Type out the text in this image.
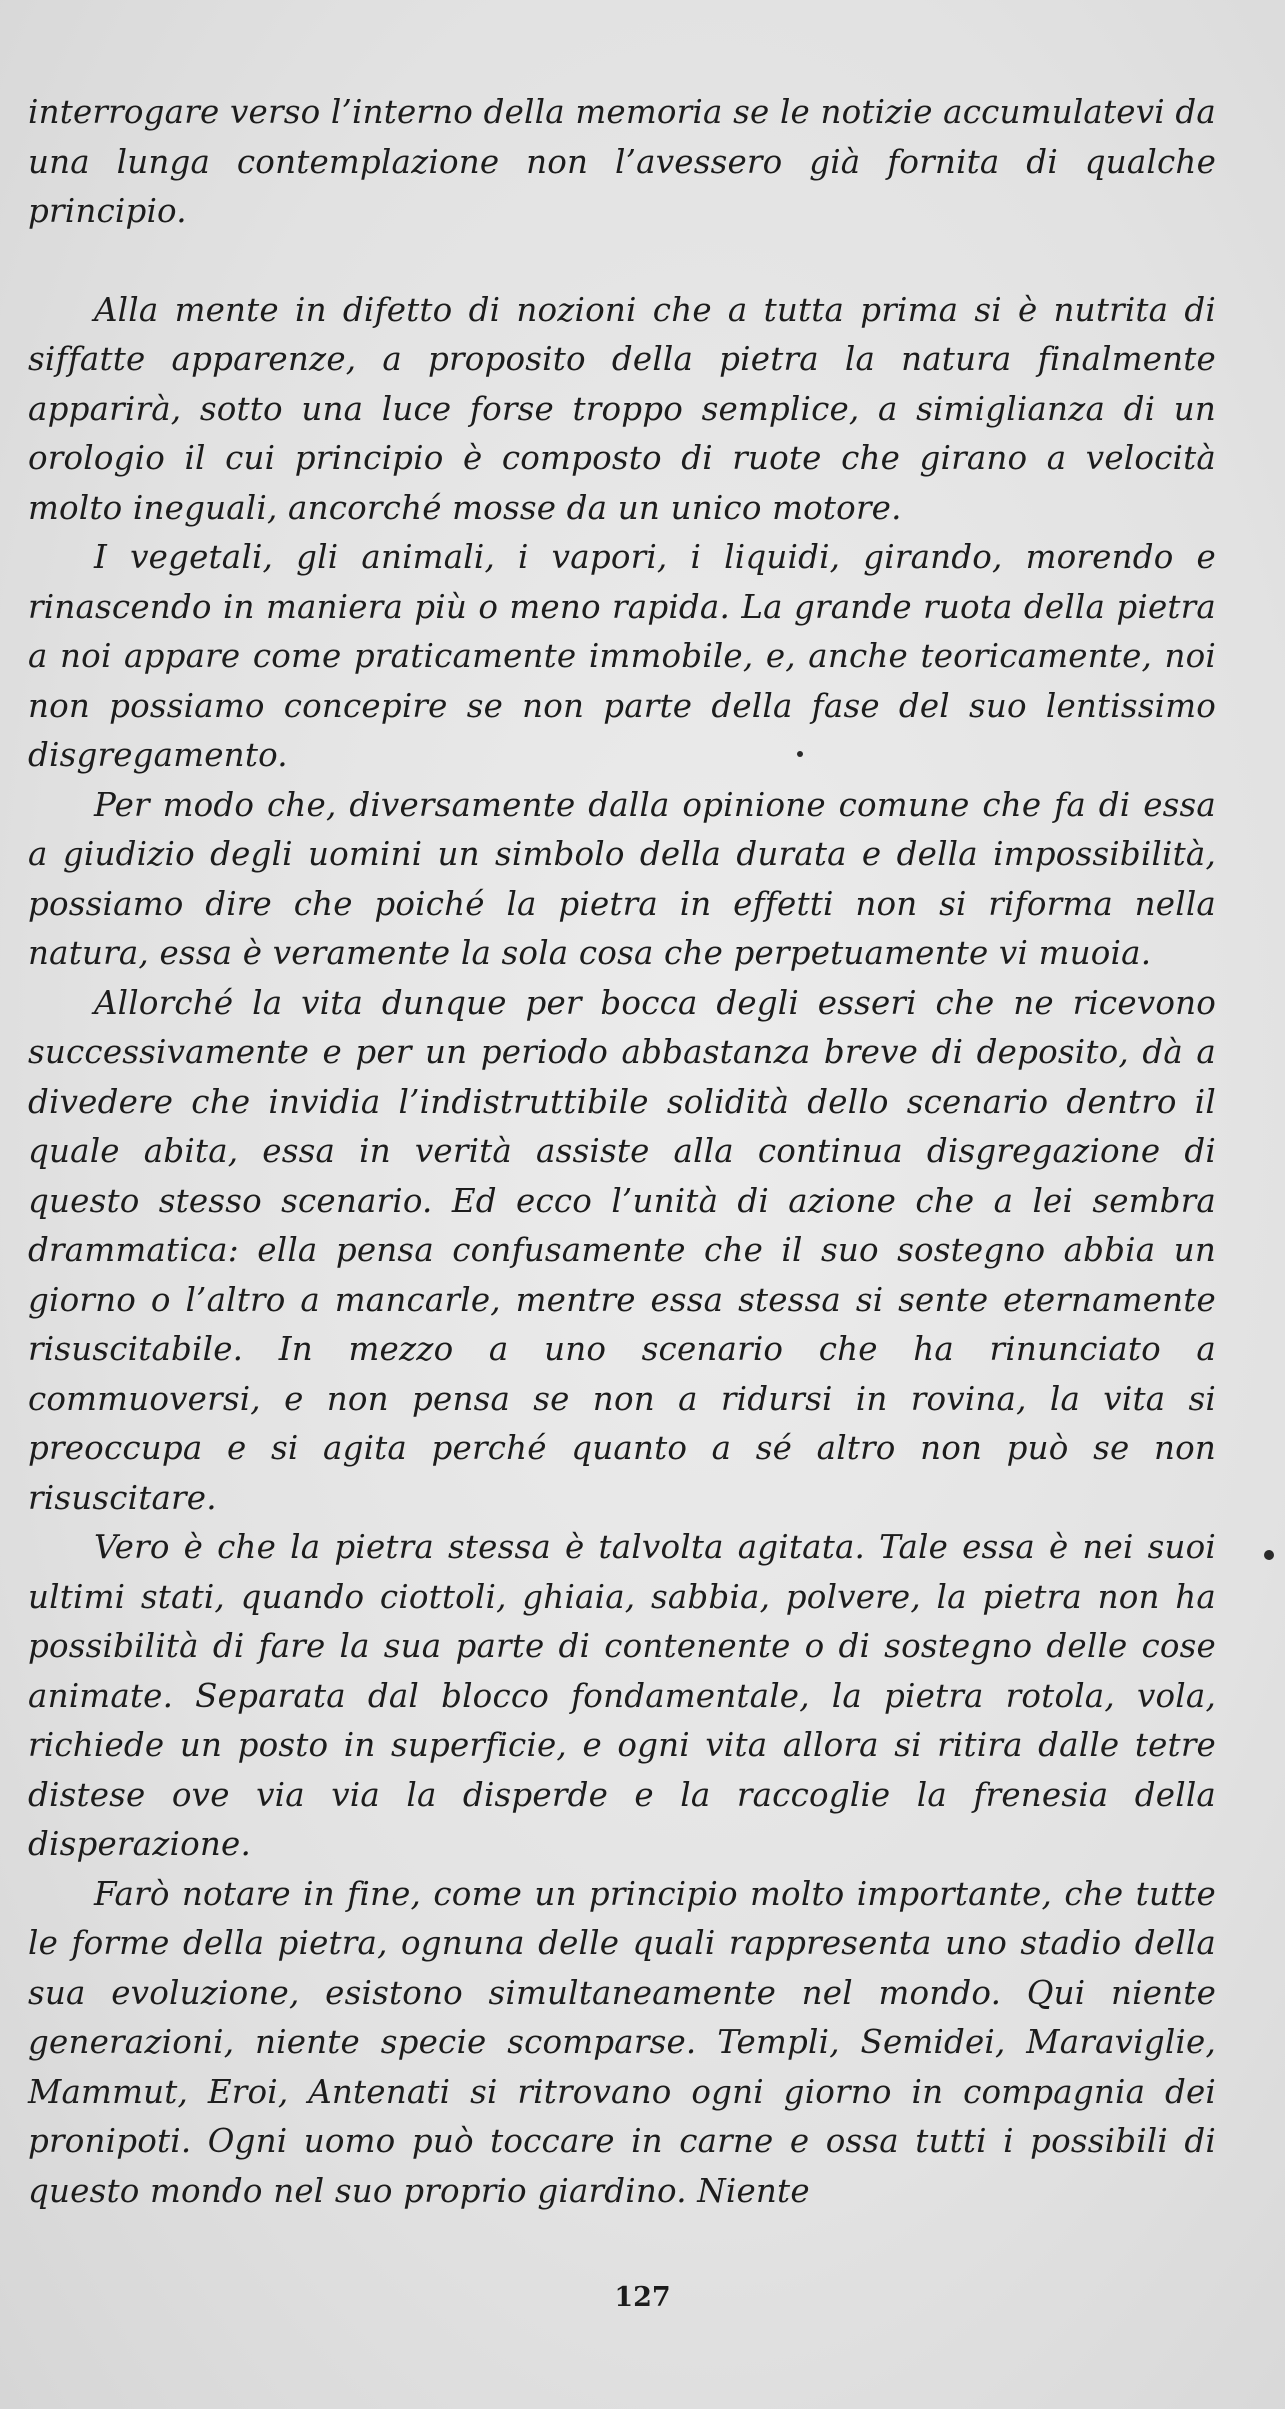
interrogare verso l’interno della memoria se le notizie accumulatevi da una lunga contemplazione non l’avessero già fornita di qualche principio.

Alla mente in difetto di nozioni che a tutta prima si è nutrita di siffatte apparenze, a proposito della pietra la natura finalmente apparirà, sotto una luce forse troppo semplice, a simiglianza di un orologio il cui principio è composto di ruote che girano a velocità molto ineguali, ancorché mosse da un unico motore.

I vegetali, gli animali, i vapori, i liquidi, girando, morendo e rinascendo in maniera più o meno rapida. La grande ruota della pietra a noi appare come praticamente immobile, e, anche teoricamente, noi non possiamo concepire se non parte della fase del suo lentissimo disgregamento.

Per modo che, diversamente dalla opinione comune che fa di essa a giudizio degli uomini un simbolo della durata e della impossibilità, possiamo dire che poiché la pietra in effetti non si riforma nella natura, essa è veramente la sola cosa che perpetuamente vi muoia.

Allorché la vita dunque per bocca degli esseri che ne ricevono successivamente e per un periodo abbastanza breve di deposito, dà a divedere che invidia l’indistruttibile solidità dello scenario dentro il quale abita, essa in verità assiste alla continua disgregazione di questo stesso scenario. Ed ecco l’unità di azione che a lei sembra drammatica: ella pensa confusamente che il suo sostegno abbia un giorno o l’altro a mancarle, mentre essa stessa si sente eternamente risuscitabile. In mezzo a uno scenario che ha rinunciato a commuoversi, e non pensa se non a ridursi in rovina, la vita si preoccupa e si agita perché quanto a sé altro non può se non risuscitare.

Vero è che la pietra stessa è talvolta agitata. Tale essa è nei suoi ultimi stati, quando ciottoli, ghiaia, sabbia, polvere, la pietra non ha possibilità di fare la sua parte di contenente o di sostegno delle cose animate. Separata dal blocco fondamentale, la pietra rotola, vola, richiede un posto in superficie, e ogni vita allora si ritira dalle tetre distese ove via via la disperde e la raccoglie la frenesia della disperazione.

Farò notare in fine, come un principio molto importante, che tutte le forme della pietra, ognuna delle quali rappresenta uno stadio della sua evoluzione, esistono simultaneamente nel mondo. Qui niente generazioni, niente specie scomparse. Templi, Semidei, Maraviglie, Mammut, Eroi, Antenati si ritrovano ogni giorno in compagnia dei pronipoti. Ogni uomo può toccare in carne e ossa tutti i possibili di questo mondo nel suo proprio giardino. Niente

127
